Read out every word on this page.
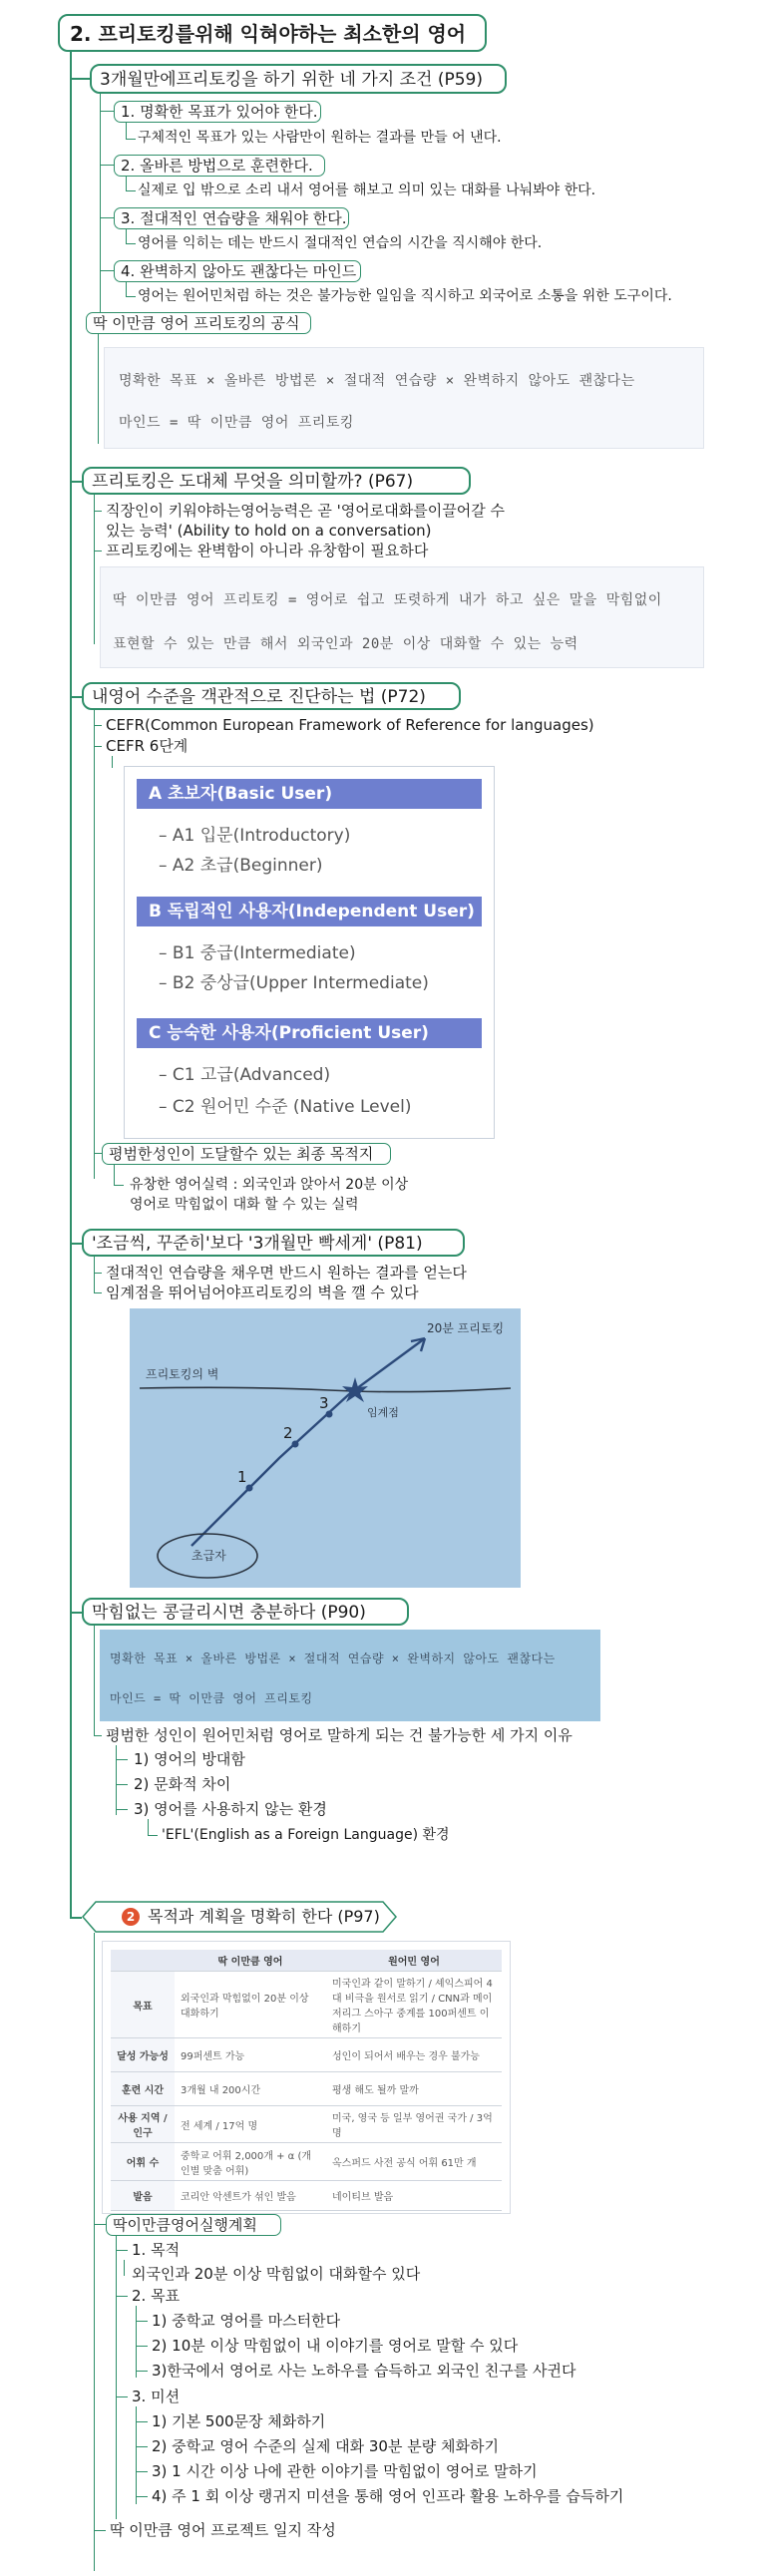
2. 프리토킹를위해 익혀야하는 최소한의 영어
3개월만에프리토킹을 하기 위한 네 가지 조건 (P59)
1. 명확한 목표가 있어야 한다.
구체적인 목표가 있는 사람만이 원하는 결과를 만들 어 낸다.
2. 올바른 방법으로 훈련한다.
실제로 입 밖으로 소리 내서 영어를 해보고 의미 있는 대화를 나눠봐야 한다.
3. 절대적인 연습량을 채워야 한다.
영어를 익히는 데는 반드시 절대적인 연습의 시간을 직시해야 한다.
4. 완벽하지 않아도 괜찮다는 마인드
영어는 원어민처럼 하는 것은 불가능한 일임을 직시하고 외국어로 소통을 위한 도구이다.
딱 이만큼 영어 프리토킹의 공식
명확한 목표 × 올바른 방법론 × 절대적 연습량 × 완벽하지 않아도 괜찮다는
마인드 = 딱 이만큼 영어 프리토킹
프리토킹은 도대체 무엇을 의미할까? (P67)
직장인이 키워야하는영어능력은 곧 '영어로대화를이끌어갈 수
있는 능력' (Ability to hold on a conversation)
프리토킹에는 완벽함이 아니라 유창함이 필요하다
딱 이만큼 영어 프리토킹 = 영어로 쉽고 또렷하게 내가 하고 싶은 말을 막힘없이
표현할 수 있는 만큼 해서 외국인과 20분 이상 대화할 수 있는 능력
내영어 수준을 객관적으로 진단하는 법 (P72)
CEFR(Common European Framework of Reference for languages)
CEFR 6단계
A 초보자(Basic User)
– A1 입문(Introductory)
– A2 초급(Beginner)
B 독립적인 사용자(Independent User)
– B1 중급(Intermediate)
– B2 중상급(Upper Intermediate)
C 능숙한 사용자(Proficient User)
– C1 고급(Advanced)
– C2 원어민 수준 (Native Level)
평범한성인이 도달할수 있는 최종 목적지
유창한 영어실력 : 외국인과 앉아서 20분 이상
영어로 막힘없이 대화 할 수 있는 실력
'조금씩, 꾸준히'보다 '3개월만 빡세게' (P81)
절대적인 연습량을 채우면 반드시 원하는 결과를 얻는다
임계점을 뛰어넘어야프리토킹의 벽을 깰 수 있다
프리토킹의 벽
1
2
3
임계점
20분 프리토킹
초급자
막힘없는 콩글리시면 충분하다 (P90)
명확한 목표 × 올바른 방법론 × 절대적 연습량 × 완벽하지 않아도 괜찮다는
마인드 = 딱 이만큼 영어 프리토킹
평범한 성인이 원어민처럼 영어로 말하게 되는 건 불가능한 세 가지 이유
1) 영어의 방대함
2) 문화적 차이
3) 영어를 사용하지 않는 환경
'EFL'(English as a Foreign Language) 환경
2 목적과 계획을 명확히 한다 (P97)
	딱 이만큼 영어	원어민 영어
목표	외국인과 막힘없이 20분 이상 대화하기	미국인과 같이 말하기 / 셰익스피어 4대 비극을 원서로 읽기 / CNN과 메이저리그 스아구 중계를 100퍼센트 이해하기
달성 가능성	99퍼센트 가능	성인이 되어서 배우는 경우 불가능
훈련 시간	3개월 내 200시간	평생 해도 될까 말까
사용 지역 / 인구	전 세계 / 17억 명	미국, 영국 등 일부 영어권 국가 / 3억 명
어휘 수	중학교 어휘 2,000개 + α (개인별 맞춤 어휘)	옥스퍼드 사전 공식 어휘 61만 개
발음	코리안 악센트가 섞인 발음	네이티브 발음
딱이만큼영어실행계획
1. 목적
외국인과 20분 이상 막힘없이 대화할수 있다
2. 목표
1) 중학교 영어를 마스터한다
2) 10분 이상 막힘없이 내 이야기를 영어로 말할 수 있다
3)한국에서 영어로 사는 노하우를 습득하고 외국인 친구를 사귄다
3. 미션
1) 기본 500문장 체화하기
2) 중학교 영어 수준의 실제 대화 30분 분량 체화하기
3) 1 시간 이상 나에 관한 이야기를 막힘없이 영어로 말하기
4) 주 1 회 이상 랭귀지 미션을 통해 영어 인프라 활용 노하우를 습득하기
딱 이만큼 영어 프로젝트 일지 작성
